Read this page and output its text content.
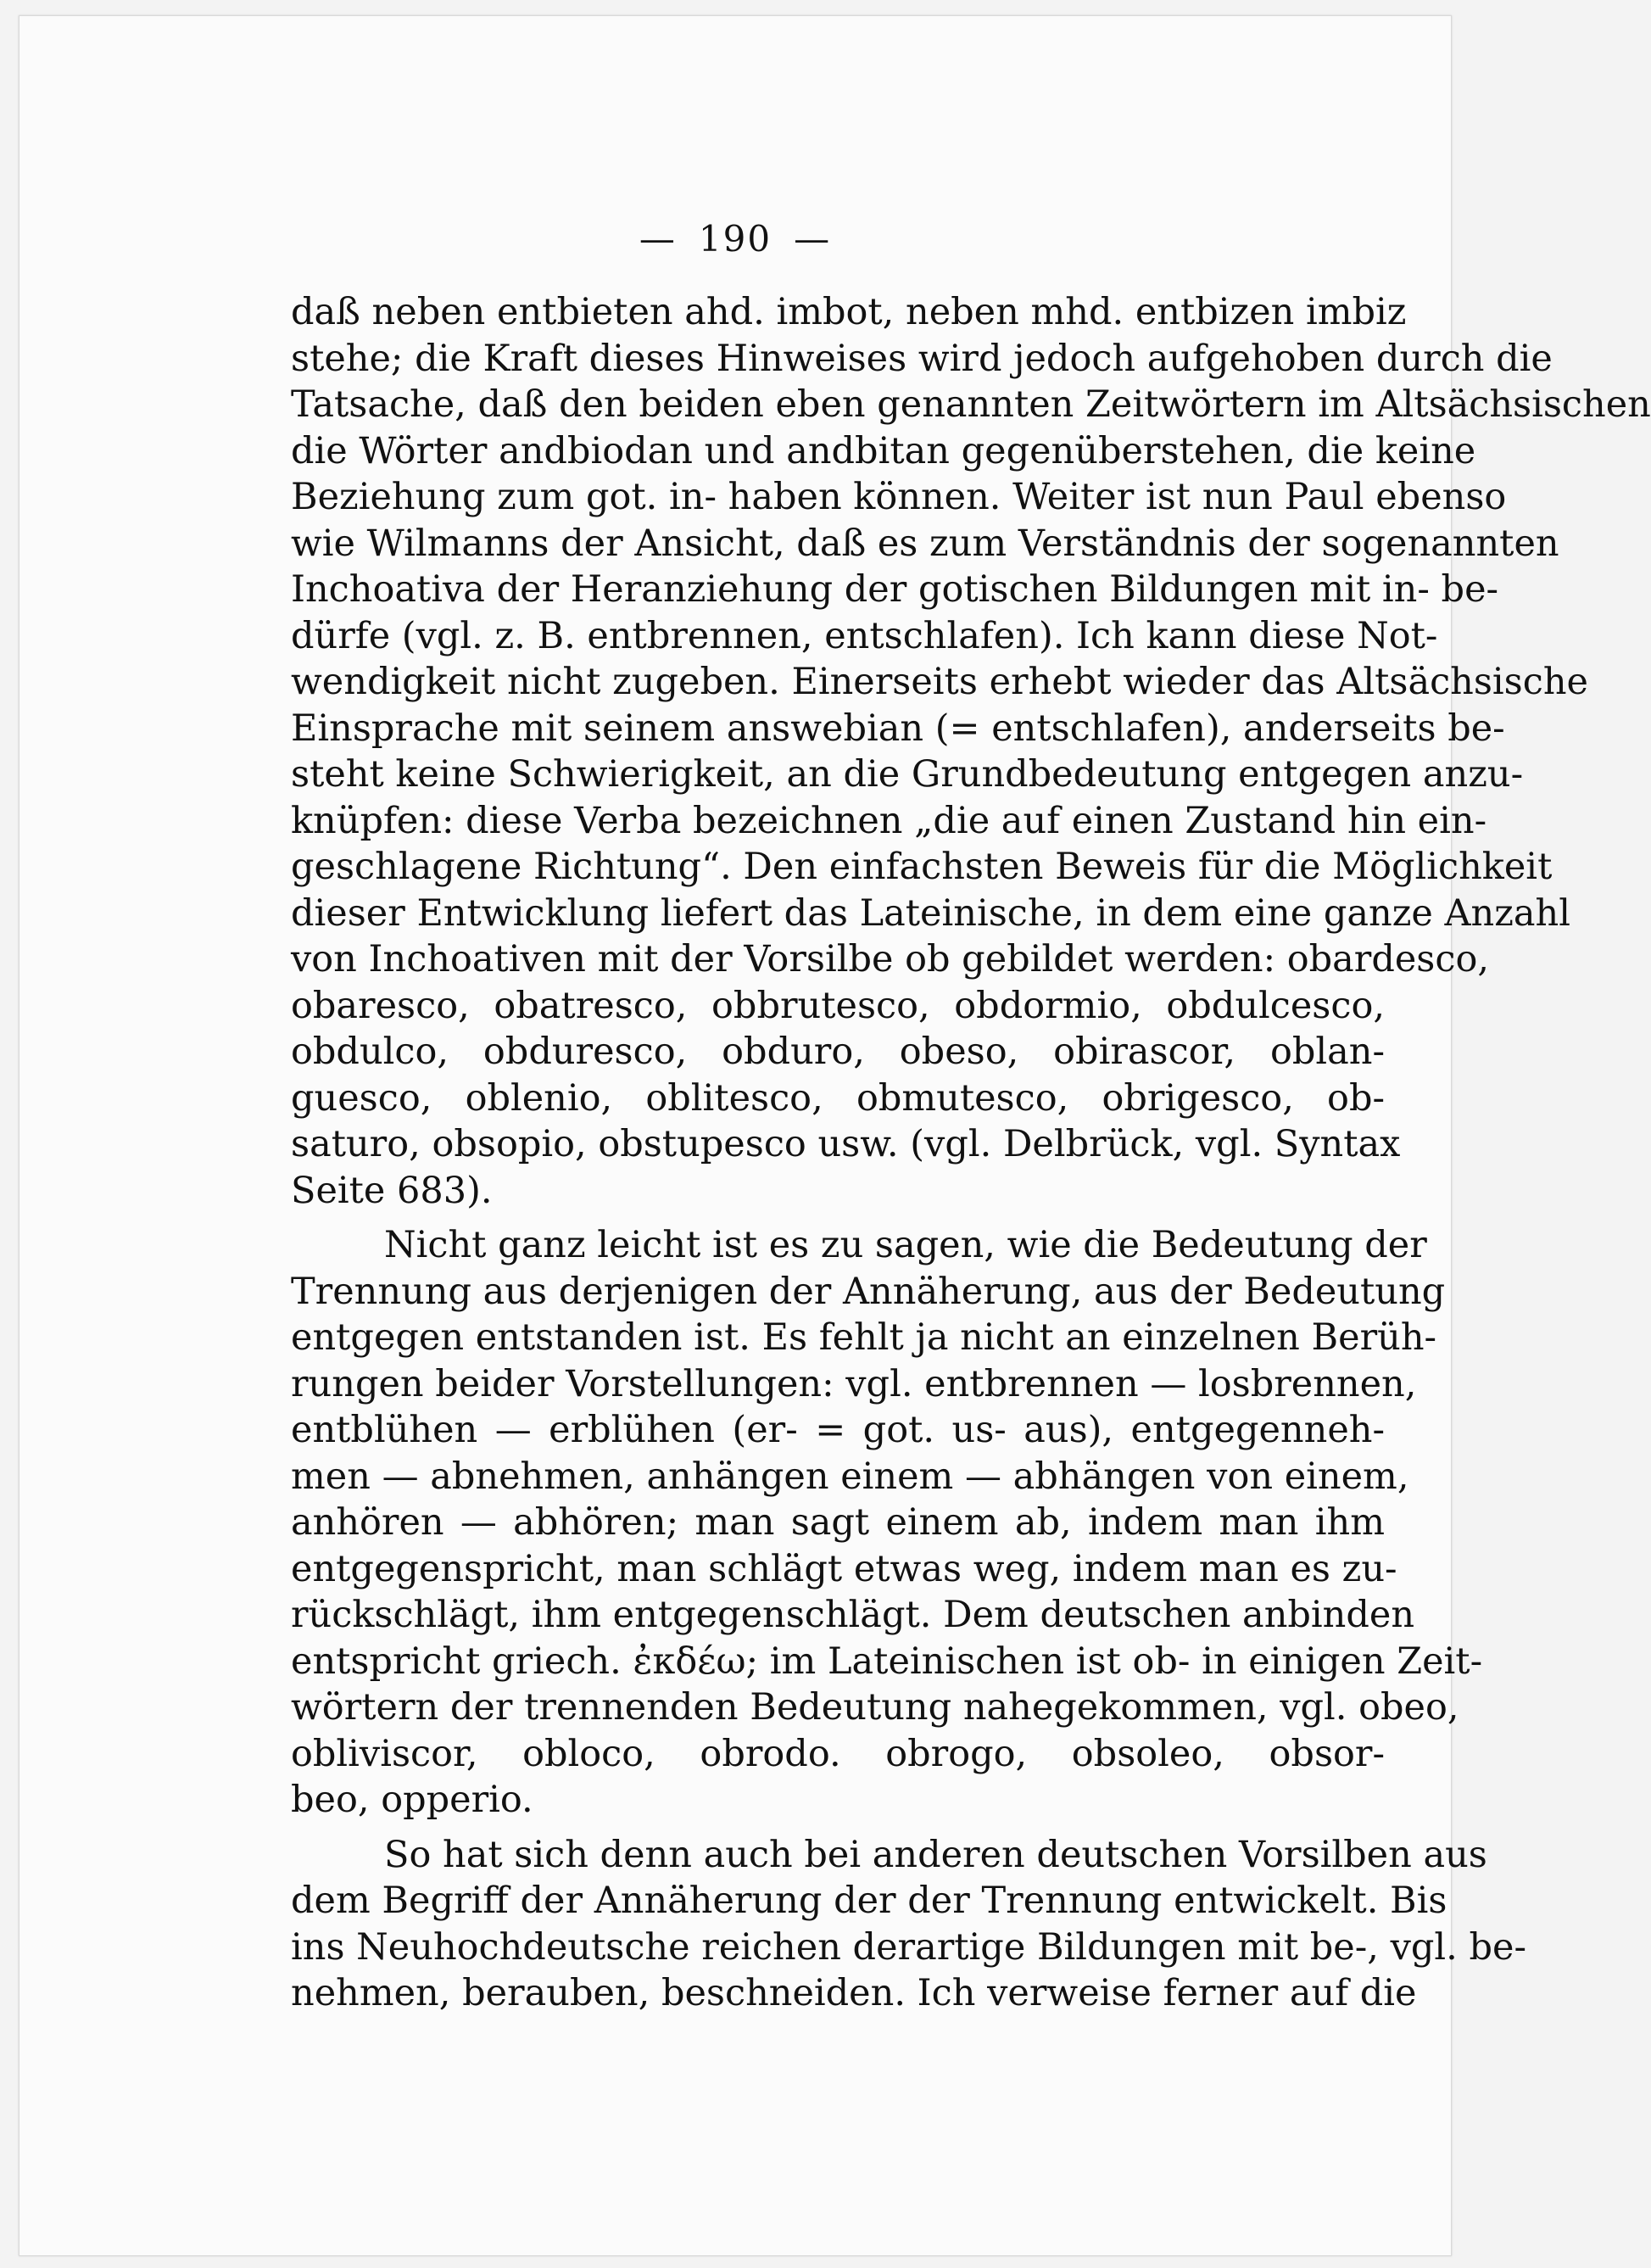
— 190 —
daß neben entbieten ahd. imbot, neben mhd. entbizen imbiz
stehe; die Kraft dieses Hinweises wird jedoch aufgehoben durch die
Tatsache, daß den beiden eben genannten Zeitwörtern im Altsächsischen
die Wörter andbiodan und andbitan gegenüberstehen, die keine
Beziehung zum got. in- haben können. Weiter ist nun Paul ebenso
wie Wilmanns der Ansicht, daß es zum Verständnis der sogenannten
Inchoativa der Heranziehung der gotischen Bildungen mit in- be-
dürfe (vgl. z. B. entbrennen, entschlafen). Ich kann diese Not-
wendigkeit nicht zugeben. Einerseits erhebt wieder das Altsächsische
Einsprache mit seinem answebian (= entschlafen), anderseits be-
steht keine Schwierigkeit, an die Grundbedeutung entgegen anzu-
knüpfen: diese Verba bezeichnen „die auf einen Zustand hin ein-
geschlagene Richtung“. Den einfachsten Beweis für die Möglichkeit
dieser Entwicklung liefert das Lateinische, in dem eine ganze Anzahl
von Inchoativen mit der Vorsilbe ob gebildet werden: obardesco,
obaresco, obatresco, obbrutesco, obdormio, obdulcesco,
obdulco, obduresco, obduro, obeso, obirascor, oblan-
guesco, oblenio, oblitesco, obmutesco, obrigesco, ob-
saturo, obsopio, obstupesco usw. (vgl. Delbrück, vgl. Syntax
Seite 683).
Nicht ganz leicht ist es zu sagen, wie die Bedeutung der
Trennung aus derjenigen der Annäherung, aus der Bedeutung
entgegen entstanden ist. Es fehlt ja nicht an einzelnen Berüh-
rungen beider Vorstellungen: vgl. entbrennen — losbrennen,
entblühen — erblühen (er- = got. us- aus), entgegenneh-
men — abnehmen, anhängen einem — abhängen von einem,
anhören — abhören; man sagt einem ab, indem man ihm
entgegenspricht, man schlägt etwas weg, indem man es zu-
rückschlägt, ihm entgegenschlägt. Dem deutschen anbinden
entspricht griech. ἐκδέω; im Lateinischen ist ob- in einigen Zeit-
wörtern der trennenden Bedeutung nahegekommen, vgl. obeo,
obliviscor, obloco, obrodo. obrogo, obsoleo, obsor-
beo, opperio.
So hat sich denn auch bei anderen deutschen Vorsilben aus
dem Begriff der Annäherung der der Trennung entwickelt. Bis
ins Neuhochdeutsche reichen derartige Bildungen mit be-, vgl. be-
nehmen, berauben, beschneiden. Ich verweise ferner auf die
